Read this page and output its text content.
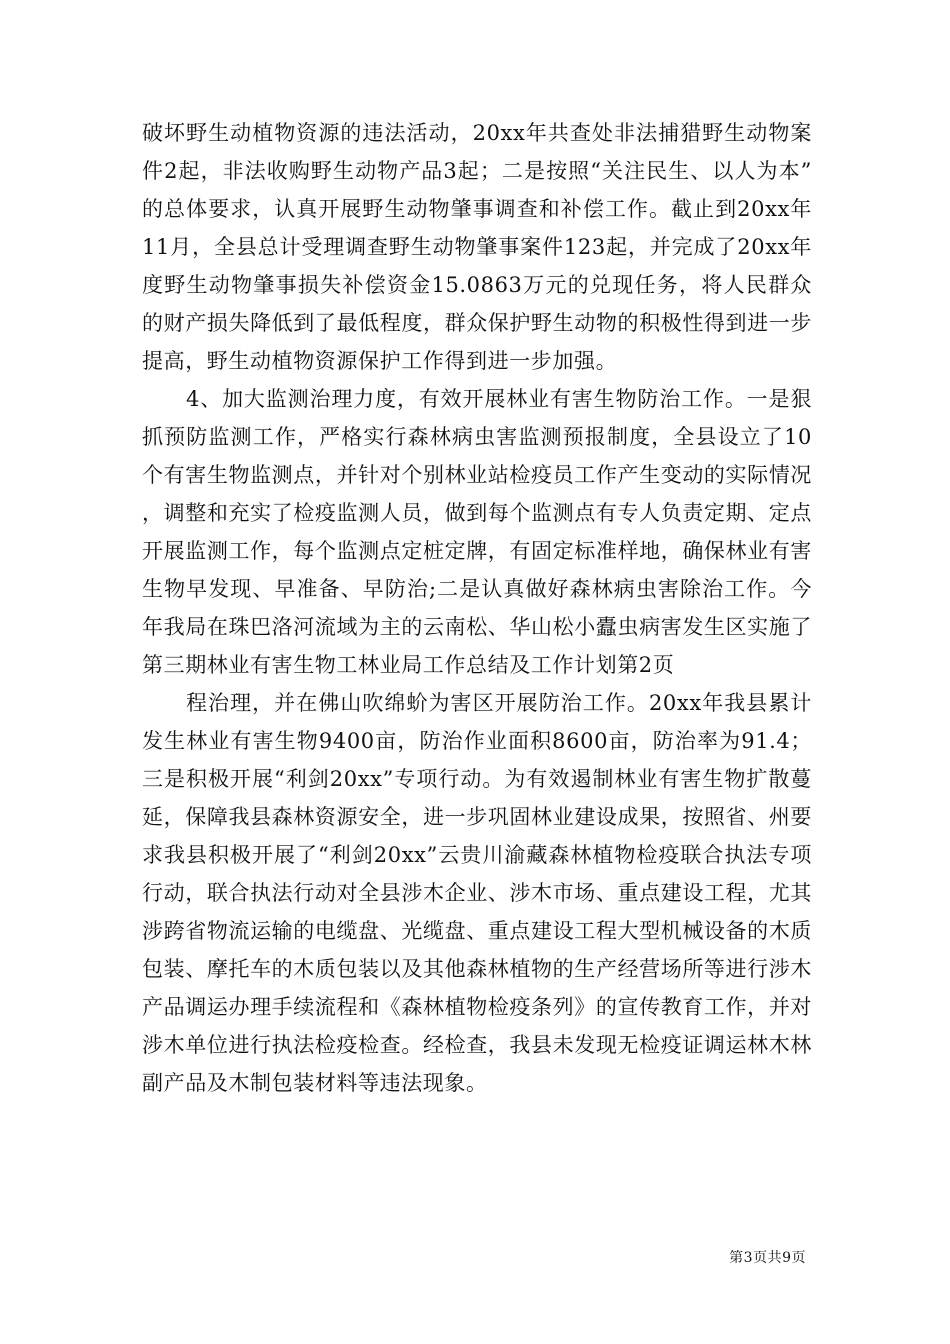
破坏野生动植物资源的违法活动，20xx年共查处非法捕猎野生动物案件2起，非法收购野生动物产品3起；二是按照“关注民生、以人为本”的总体要求，认真开展野生动物肇事调查和补偿工作。截止到20xx年11月，全县总计受理调查野生动物肇事案件123起，并完成了20xx年度野生动物肇事损失补偿资金15.0863万元的兑现任务，将人民群众的财产损失降低到了最低程度，群众保护野生动物的积极性得到进一步提高，野生动植物资源保护工作得到进一步加强。

4、加大监测治理力度，有效开展林业有害生物防治工作。一是狠抓预防监测工作，严格实行森林病虫害监测预报制度，全县设立了10个有害生物监测点，并针对个别林业站检疫员工作产生变动的实际情况，调整和充实了检疫监测人员，做到每个监测点有专人负责定期、定点开展监测工作，每个监测点定桩定牌，有固定标准样地，确保林业有害生物早发现、早准备、早防治;二是认真做好森林病虫害除治工作。今年我局在珠巴洛河流域为主的云南松、华山松小蠹虫病害发生区实施了第三期林业有害生物工林业局工作总结及工作计划第2页

程治理，并在佛山吹绵蚧为害区开展防治工作。20xx年我县累计发生林业有害生物9400亩，防治作业面积8600亩，防治率为91.4；三是积极开展“利剑20xx”专项行动。为有效遏制林业有害生物扩散蔓延，保障我县森林资源安全，进一步巩固林业建设成果，按照省、州要求我县积极开展了“利剑20xx”云贵川渝藏森林植物检疫联合执法专项行动，联合执法行动对全县涉木企业、涉木市场、重点建设工程，尤其涉跨省物流运输的电缆盘、光缆盘、重点建设工程大型机械设备的木质包装、摩托车的木质包装以及其他森林植物的生产经营场所等进行涉木产品调运办理手续流程和《森林植物检疫条列》的宣传教育工作，并对涉木单位进行执法检疫检查。经检查，我县未发现无检疫证调运林木林副产品及木制包装材料等违法现象。

第3页共9页
